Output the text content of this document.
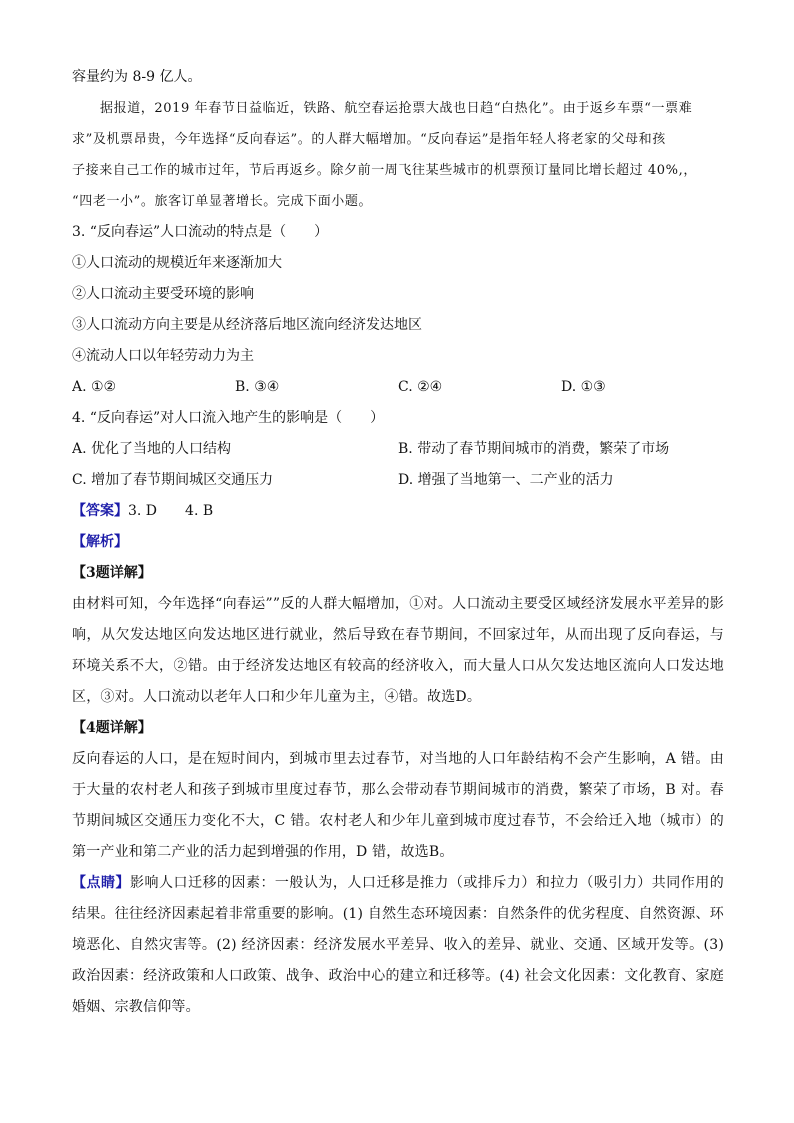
容量约为 8-9 亿人。
据报道，2019 年春节日益临近，铁路、航空春运抢票大战也日趋“白热化”。由于返乡车票“一票难
求”及机票昂贵，今年选择“反向春运”。的人群大幅增加。“反向春运”是指年轻人将老家的父母和孩
子接来自己工作的城市过年，节后再返乡。除夕前一周飞往某些城市的机票预订量同比增长超过 40%,，
“四老一小”。旅客订单显著增长。完成下面小题。
3. “反向春运”人口流动的特点是（　　）
①人口流动的规模近年来逐渐加大
②人口流动主要受环境的影响
③人口流动方向主要是从经济落后地区流向经济发达地区
④流动人口以年轻劳动力为主
A. ①②	B. ③④	C. ②④	D. ①③
4. “反向春运”对人口流入地产生的影响是（　　）
A. 优化了当地的人口结构	B. 带动了春节期间城市的消费，繁荣了市场
C. 增加了春节期间城区交通压力	D. 增强了当地第一、二产业的活力
【答案】3. D 4. B
【解析】
【3题详解】
由材料可知，今年选择“向春运””反的人群大幅增加，①对。人口流动主要受区域经济发展水平差异的影响，从欠发达地区向发达地区进行就业，然后导致在春节期间，不回家过年，从而出现了反向春运，与环境关系不大，②错。由于经济发达地区有较高的经济收入，而大量人口从欠发达地区流向人口发达地区，③对。人口流动以老年人口和少年儿童为主，④错。故选D。
【4题详解】
反向春运的人口，是在短时间内，到城市里去过春节，对当地的人口年龄结构不会产生影响，A 错。由于大量的农村老人和孩子到城市里度过春节，那么会带动春节期间城市的消费，繁荣了市场，B 对。春节期间城区交通压力变化不大，C 错。农村老人和少年儿童到城市度过春节，不会给迁入地（城市）的第一产业和第二产业的活力起到增强的作用，D 错，故选B。
【点睛】影响人口迁移的因素：一般认为，人口迁移是推力（或排斥力）和拉力（吸引力）共同作用的结果。往往经济因素起着非常重要的影响。(1) 自然生态环境因素：自然条件的优劣程度、自然资源、环境恶化、自然灾害等。(2) 经济因素：经济发展水平差异、收入的差异、就业、交通、区域开发等。(3) 政治因素：经济政策和人口政策、战争、政治中心的建立和迁移等。(4) 社会文化因素：文化教育、家庭婚姻、宗教信仰等。
